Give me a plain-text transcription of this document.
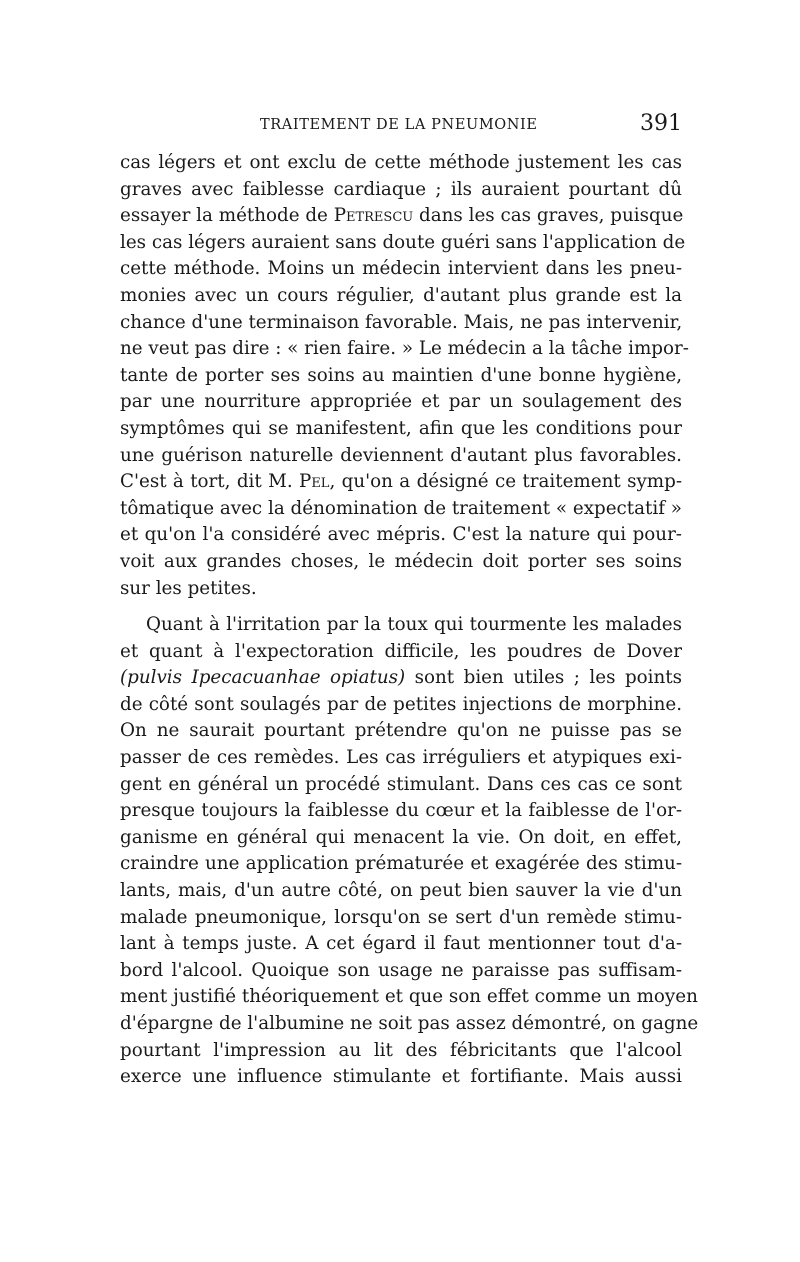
TRAITEMENT DE LA PNEUMONIE	391
cas légers et ont exclu de cette méthode justement les cas
graves avec faiblesse cardiaque ; ils auraient pourtant dû
essayer la méthode de Petrescu dans les cas graves, puisque
les cas légers auraient sans doute guéri sans l'application de
cette méthode. Moins un médecin intervient dans les pneu-
monies avec un cours régulier, d'autant plus grande est la
chance d'une terminaison favorable. Mais, ne pas intervenir,
ne veut pas dire : « rien faire. » Le médecin a la tâche impor-
tante de porter ses soins au maintien d'une bonne hygiène,
par une nourriture appropriée et par un soulagement des
symptômes qui se manifestent, afin que les conditions pour
une guérison naturelle deviennent d'autant plus favorables.
C'est à tort, dit M. Pel, qu'on a désigné ce traitement symp-
tômatique avec la dénomination de traitement « expectatif »
et qu'on l'a considéré avec mépris. C'est la nature qui pour-
voit aux grandes choses, le médecin doit porter ses soins
sur les petites.
Quant à l'irritation par la toux qui tourmente les malades
et quant à l'expectoration difficile, les poudres de Dover
(pulvis Ipecacuanhae opiatus) sont bien utiles ; les points
de côté sont soulagés par de petites injections de morphine.
On ne saurait pourtant prétendre qu'on ne puisse pas se
passer de ces remèdes. Les cas irréguliers et atypiques exi-
gent en général un procédé stimulant. Dans ces cas ce sont
presque toujours la faiblesse du cœur et la faiblesse de l'or-
ganisme en général qui menacent la vie. On doit, en effet,
craindre une application prématurée et exagérée des stimu-
lants, mais, d'un autre côté, on peut bien sauver la vie d'un
malade pneumonique, lorsqu'on se sert d'un remède stimu-
lant à temps juste. A cet égard il faut mentionner tout d'a-
bord l'alcool. Quoique son usage ne paraisse pas suffisam-
ment justifié théoriquement et que son effet comme un moyen
d'épargne de l'albumine ne soit pas assez démontré, on gagne
pourtant l'impression au lit des fébricitants que l'alcool
exerce une influence stimulante et fortifiante. Mais aussi
